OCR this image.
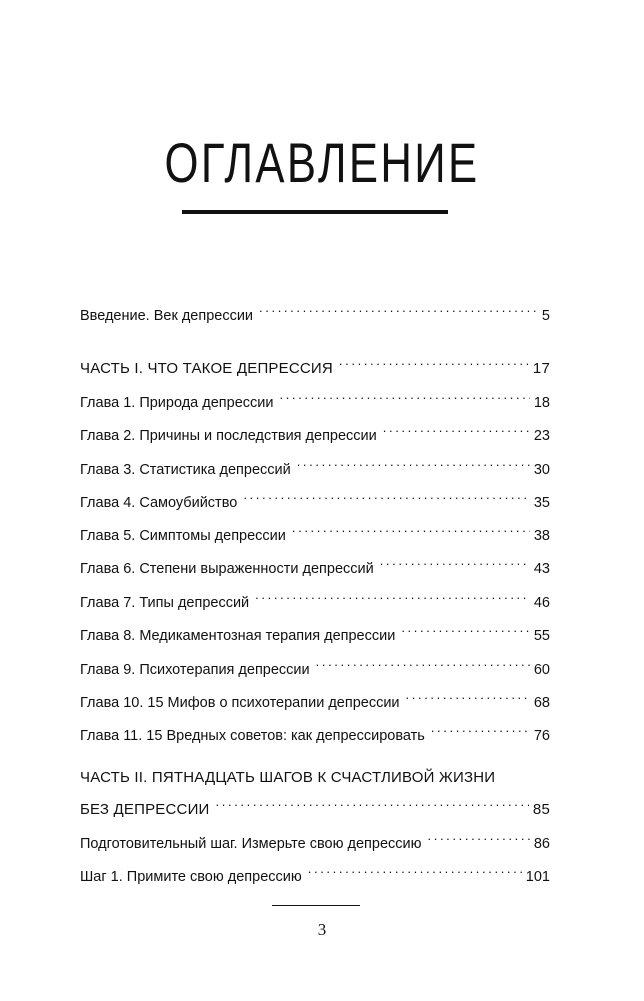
ОГЛАВЛЕНИЕ
Введение. Век депрессии . . .	5
ЧАСТЬ I. ЧТО ТАКОЕ ДЕПРЕССИЯ . . .	17
Глава 1. Природа депрессии . . .	18
Глава 2. Причины и последствия депрессии . . .	23
Глава 3. Статистика депрессий . . .	30
Глава 4. Самоубийство . . .	35
Глава 5. Симптомы депрессии . . .	38
Глава 6. Степени выраженности депрессий . . .	43
Глава 7. Типы депрессий . . .	46
Глава 8. Медикаментозная терапия депрессии . . .	55
Глава 9. Психотерапия депрессии . . .	60
Глава 10. 15 Мифов о психотерапии депрессии . . .	68
Глава 11. 15 Вредных советов: как депрессировать . . .	76
ЧАСТЬ II. ПЯТНАДЦАТЬ ШАГОВ К СЧАСТЛИВОЙ ЖИЗНИ
БЕЗ ДЕПРЕССИИ . . .	85
Подготовительный шаг. Измерьте свою депрессию . . .	86
Шаг 1. Примите свою депрессию . . .	101
3
